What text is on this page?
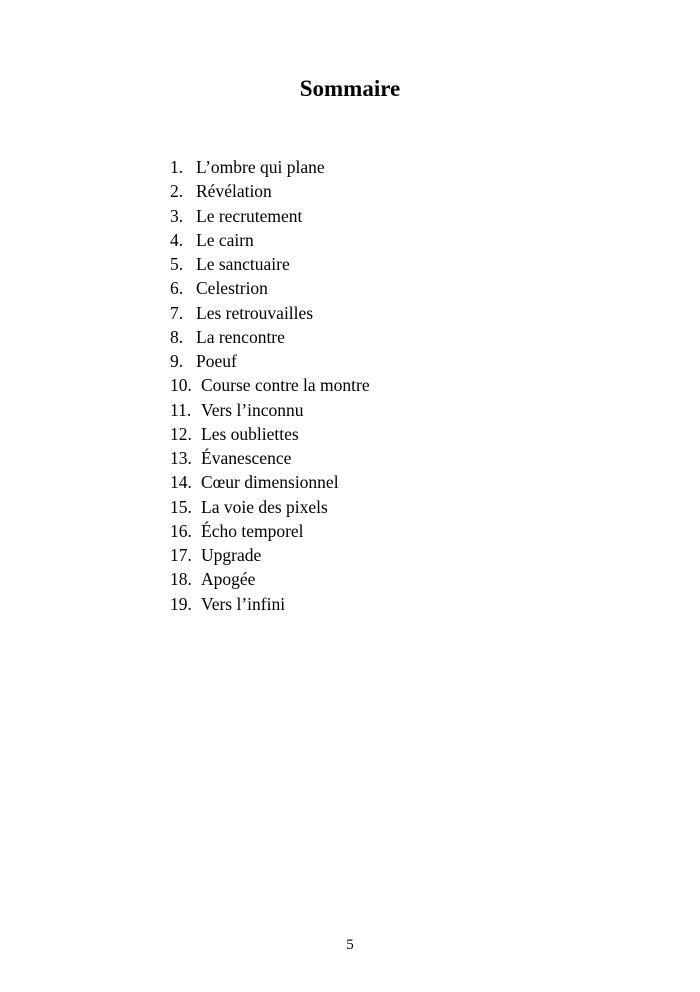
Sommaire
1. L’ombre qui plane
2. Révélation
3. Le recrutement
4. Le cairn
5. Le sanctuaire
6. Celestrion
7. Les retrouvailles
8. La rencontre
9. Poeuf
10. Course contre la montre
11. Vers l’inconnu
12. Les oubliettes
13. Évanescence
14. Cœur dimensionnel
15. La voie des pixels
16. Écho temporel
17. Upgrade
18. Apogée
19. Vers l’infini
5
